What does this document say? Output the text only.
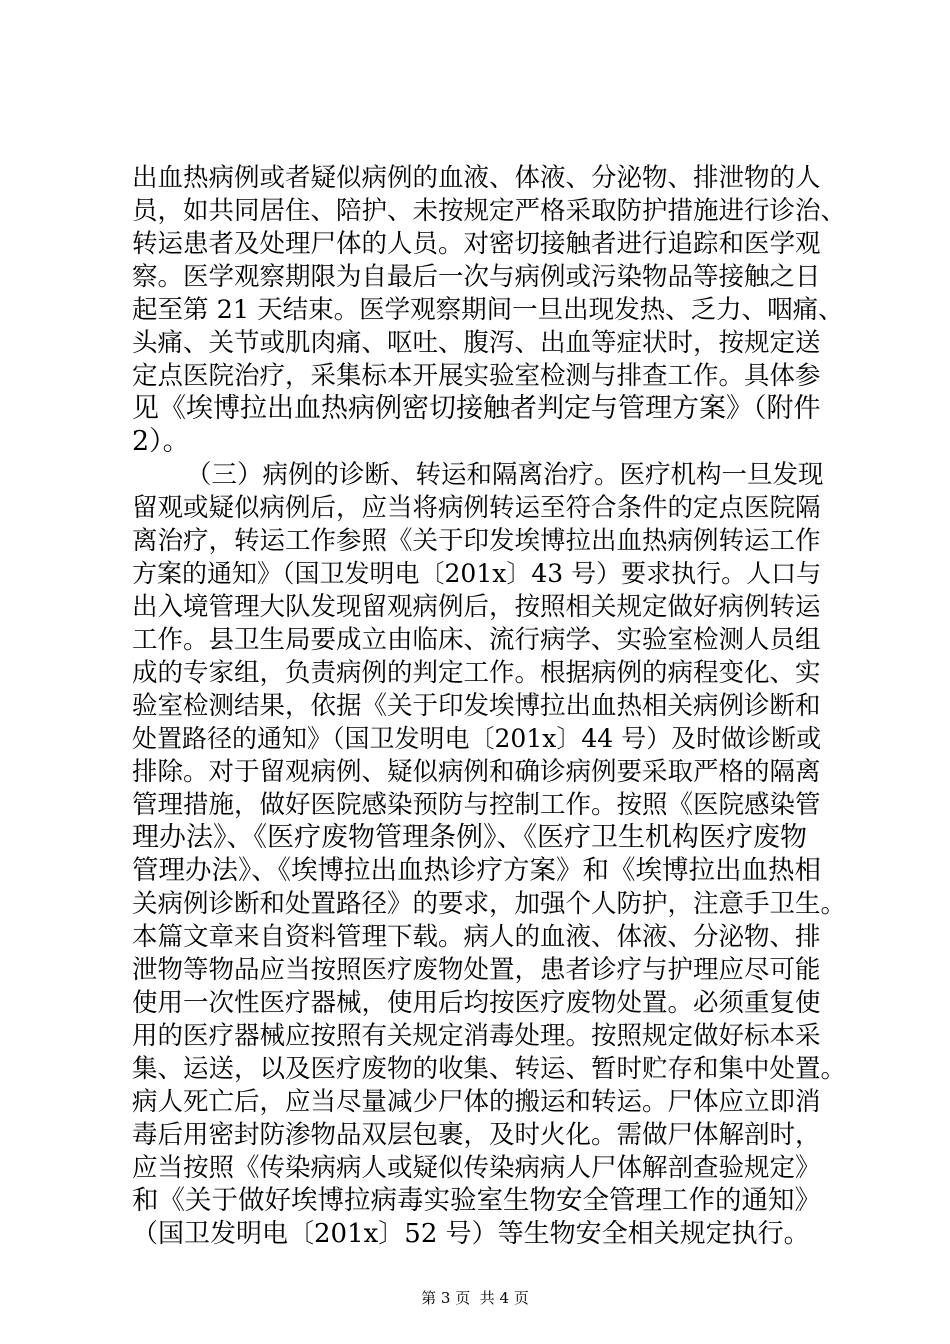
出血热病例或者疑似病例的血液、体液、分泌物、排泄物的人
员，如共同居住、陪护、未按规定严格采取防护措施进行诊治、
转运患者及处理尸体的人员。对密切接触者进行追踪和医学观
察。医学观察期限为自最后一次与病例或污染物品等接触之日
起至第 21 天结束。医学观察期间一旦出现发热、乏力、咽痛、
头痛、关节或肌肉痛、呕吐、腹泻、出血等症状时，按规定送
定点医院治疗，采集标本开展实验室检测与排查工作。具体参
见《埃博拉出血热病例密切接触者判定与管理方案》（附件
2）。
（三）病例的诊断、转运和隔离治疗。医疗机构一旦发现
留观或疑似病例后，应当将病例转运至符合条件的定点医院隔
离治疗，转运工作参照《关于印发埃博拉出血热病例转运工作
方案的通知》（国卫发明电〔201x〕43 号）要求执行。人口与
出入境管理大队发现留观病例后，按照相关规定做好病例转运
工作。县卫生局要成立由临床、流行病学、实验室检测人员组
成的专家组，负责病例的判定工作。根据病例的病程变化、实
验室检测结果，依据《关于印发埃博拉出血热相关病例诊断和
处置路径的通知》（国卫发明电〔201x〕44 号）及时做诊断或
排除。对于留观病例、疑似病例和确诊病例要采取严格的隔离
管理措施，做好医院感染预防与控制工作。按照《医院感染管
理办法》、《医疗废物管理条例》、《医疗卫生机构医疗废物
管理办法》、《埃博拉出血热诊疗方案》和《埃博拉出血热相
关病例诊断和处置路径》的要求，加强个人防护，注意手卫生。
本篇文章来自资料管理下载。病人的血液、体液、分泌物、排
泄物等物品应当按照医疗废物处置，患者诊疗与护理应尽可能
使用一次性医疗器械，使用后均按医疗废物处置。必须重复使
用的医疗器械应按照有关规定消毒处理。按照规定做好标本采
集、运送，以及医疗废物的收集、转运、暂时贮存和集中处置。
病人死亡后，应当尽量减少尸体的搬运和转运。尸体应立即消
毒后用密封防渗物品双层包裹，及时火化。需做尸体解剖时，
应当按照《传染病病人或疑似传染病病人尸体解剖查验规定》
和《关于做好埃博拉病毒实验室生物安全管理工作的通知》
（国卫发明电〔201x〕52 号）等生物安全相关规定执行。
第 3 页  共 4 页
